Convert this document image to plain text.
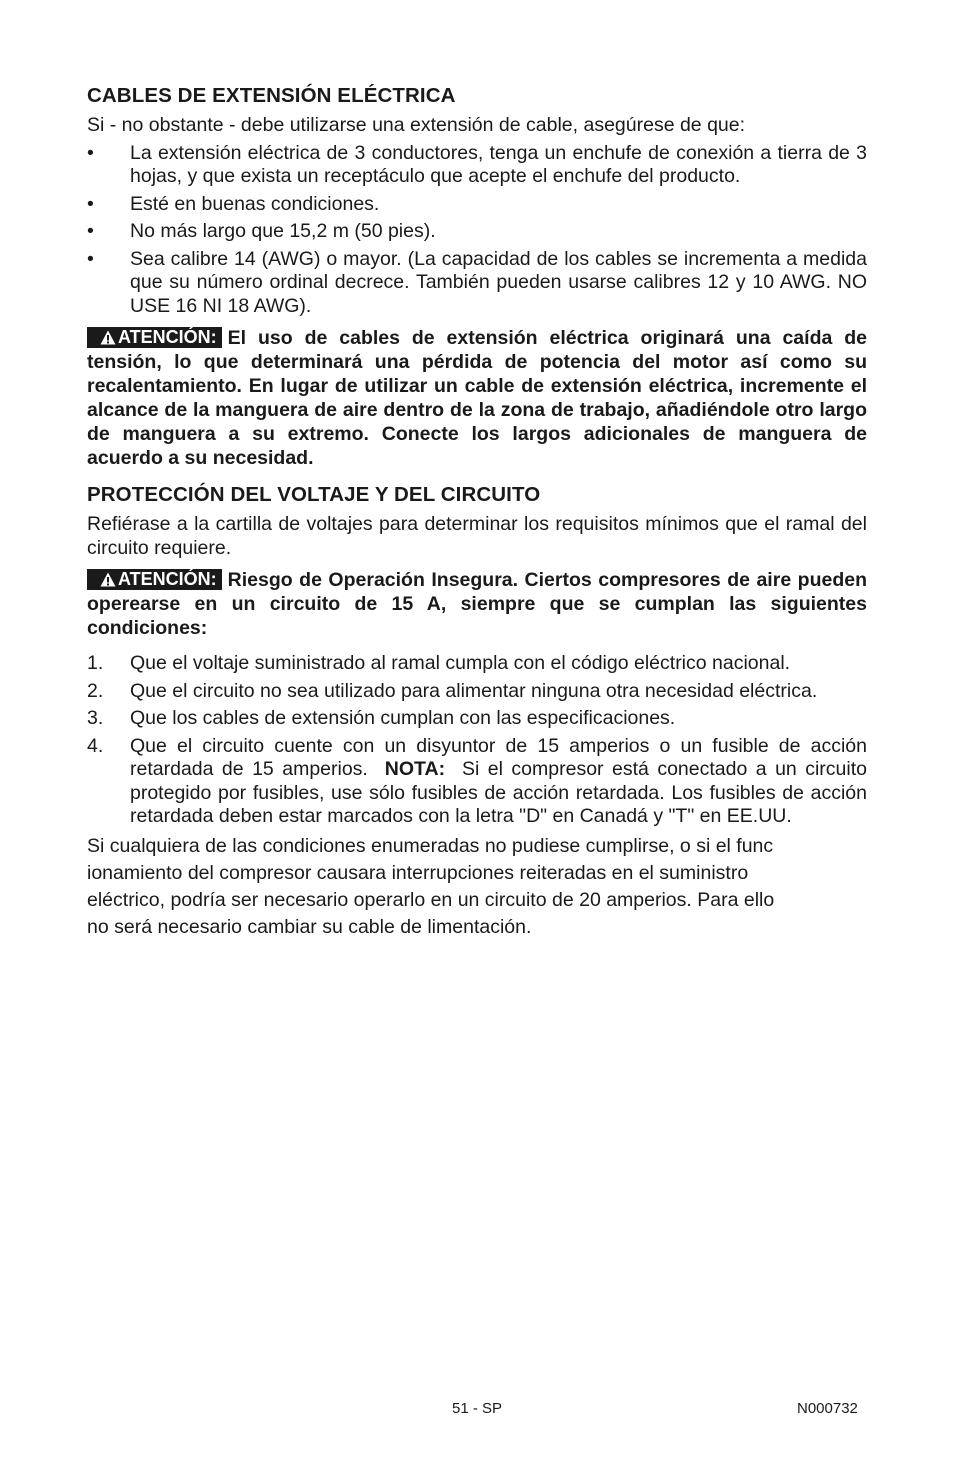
CABLES DE EXTENSIÓN ELÉCTRICA

Si - no obstante - debe utilizarse una extensión de cable, asegúrese de que:

• La extensión eléctrica de 3 conductores, tenga un enchufe de conexión a tierra de 3 hojas, y que exista un receptáculo que acepte el enchufe del producto.
• Esté en buenas condiciones.
• No más largo que 15,2 m (50 pies).
• Sea calibre 14 (AWG) o mayor. (La capacidad de los cables se incrementa a medida que su número ordinal decrece. También pueden usarse calibres 12 y 10 AWG. NO USE 16 NI 18 AWG).

ATENCIÓN: El uso de cables de extensión eléctrica originará una caída de tensión, lo que determinará una pérdida de potencia del motor así como su recalentamiento. En lugar de utilizar un cable de extensión eléctrica, incremente el alcance de la manguera de aire dentro de la zona de trabajo, añadiéndole otro largo de manguera a su extremo. Conecte los largos adicionales de manguera de acuerdo a su necesidad.

PROTECCIÓN DEL VOLTAJE Y DEL CIRCUITO

Refiérase a la cartilla de voltajes para determinar los requisitos mínimos que el ramal del circuito requiere.

ATENCIÓN: Riesgo de Operación Insegura. Ciertos compresores de aire pueden operearse en un circuito de 15 A, siempre que se cumplan las siguientes condiciones:

1. Que el voltaje suministrado al ramal cumpla con el código eléctrico nacional.
2. Que el circuito no sea utilizado para alimentar ninguna otra necesidad eléctrica.
3. Que los cables de extensión cumplan con las especificaciones.
4. Que el circuito cuente con un disyuntor de 15 amperios o un fusible de acción retardada de 15 amperios. NOTA: Si el compresor está conectado a un circuito protegido por fusibles, use sólo fusibles de acción retardada. Los fusibles de acción retardada deben estar marcados con la letra "D" en Canadá y "T" en EE.UU.

Si cualquiera de las condiciones enumeradas no pudiese cumplirse, o si el func
ionamiento del compresor causara interrupciones reiteradas en el suministro
eléctrico, podría ser necesario operarlo en un circuito de 20 amperios. Para ello
no será necesario cambiar su cable de limentación.

51 - SP	N000732
